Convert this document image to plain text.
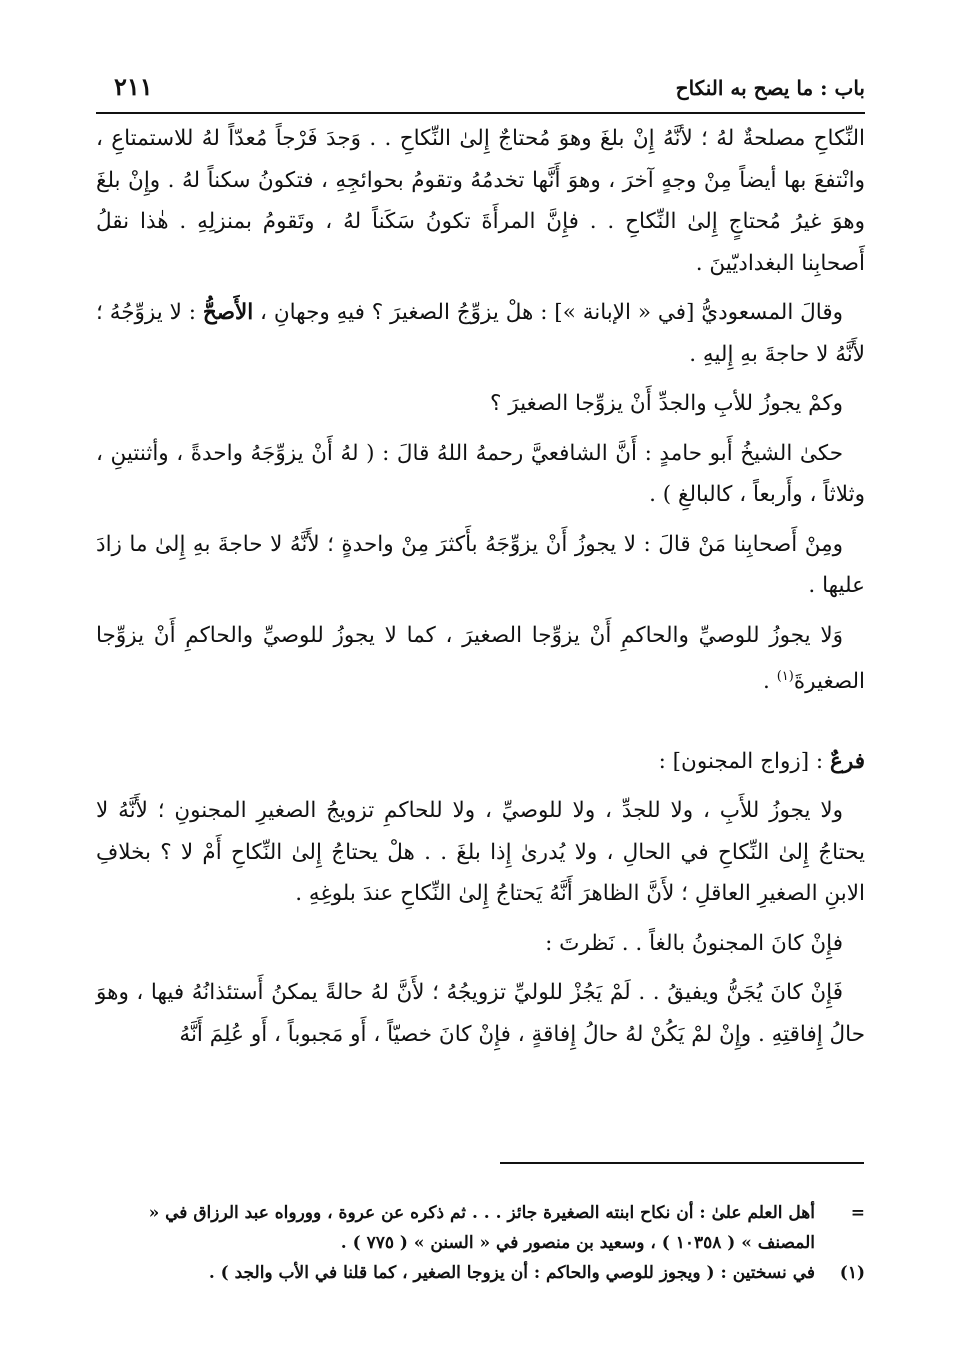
باب : ما يصح به النكاح
٢١١

النِّكاحِ مصلحةٌ لهُ ؛ لأنَّهُ إِنْ بلغَ وهوَ مُحتاجٌ إِلىٰ النِّكاحِ . . وَجدَ فَرْجاً مُعدّاً لهُ للاستمتاعِ ، وانْتفعَ بها أيضاً مِنْ وجهٍ آخرَ ، وهوَ أَنَّها تخدمُهُ وتقومُ بحوائجِهِ ، فتكونُ سكناً لهُ . وإِنْ بلغَ وهوَ غيرُ مُحتاجٍ إِلىٰ النِّكاحِ . . فإِنَّ المرأَةَ تكونُ سَكَناً لهُ ، وتَقومُ بمنزلِهِ . هٰذا نقلُ أَصحابِنا البغداديّينَ .

وقالَ المسعوديُّ [في « الإبانة »] : هلْ يزوِّجُ الصغيرَ ؟ فيهِ وجهانِ ، الأَصحُّ : لا يزوِّجُهُ ؛ لأَنَّهُ لا حاجةَ بهِ إِليهِ .

وكمْ يجوزُ للأبِ والجدِّ أَنْ يزوِّجا الصغيرَ ؟

حكىٰ الشيخُ أَبو حامدٍ : أَنَّ الشافعيَّ رحمهُ اللهُ قالَ : ( لهُ أَنْ يزوِّجَهُ واحدةً ، وأثنتينِ ، وثلاثاً ، وأَربعاً ، كالبالغِ ) .

ومِنْ أَصحابِنا مَنْ قالَ : لا يجوزُ أَنْ يزوِّجَهُ بأَكثرَ مِنْ واحدةٍ ؛ لأَنَّهُ لا حاجةَ بهِ إِلىٰ ما زادَ عليها .

وَلا يجوزُ للوصيِّ والحاكمِ أَنْ يزوِّجا الصغيرَ ، كما لا يجوزُ للوصيِّ والحاكمِ أَنْ يزوِّجا الصغيرةَ$^{(١)}$ .

فرعٌ : [زواج المجنون] :

ولا يجوزُ للأَبِ ، ولا للجدِّ ، ولا للوصيِّ ، ولا للحاكمِ تزويجُ الصغيرِ المجنونِ ؛ لأَنَّهُ لا يحتاجُ إِلىٰ النِّكاحِ في الحالِ ، ولا يُدرىٰ إِذا بلغَ . . هلْ يحتاجُ إِلىٰ النِّكاحِ أَمْ لا ؟ بخلافِ الابنِ الصغيرِ العاقلِ ؛ لأَنَّ الظاهرَ أَنَّهُ يَحتاجُ إِلىٰ النِّكاحِ عندَ بلوغِهِ .

فإِنْ كانَ المجنونُ بالغاً . . نَظرتَ :

فَإِنْ كانَ يُجَنُّ ويفيقُ . . لَمْ يَجُزْ للوليِّ تزويجُهُ ؛ لأَنَّ لهُ حالةً يمكنُ أَستئذانُهُ فيها ، وهوَ حالُ إِفاقتِهِ . وإِنْ لمْ يَكُنْ لهُ حالُ إِفاقةٍ ، فإِنْ كانَ خصيّاً ، أَو مَجبوباً ، أَو عُلِمَ أَنَّهُ

=
أهل العلم علىٰ : أن نكاح ابنته الصغيرة جائز . . . ثم ذكره عن عروة ، وورواه عبد الرزاق في « المصنف » ( ١٠٣٥٨ ) ، وسعيد بن منصور في « السنن » ( ٧٧٥ ) .

(١)
في نسختين : ( ويجوز للوصي والحاكم : أن يزوجا الصغير ، كما قلنا في الأب والجد ) .
